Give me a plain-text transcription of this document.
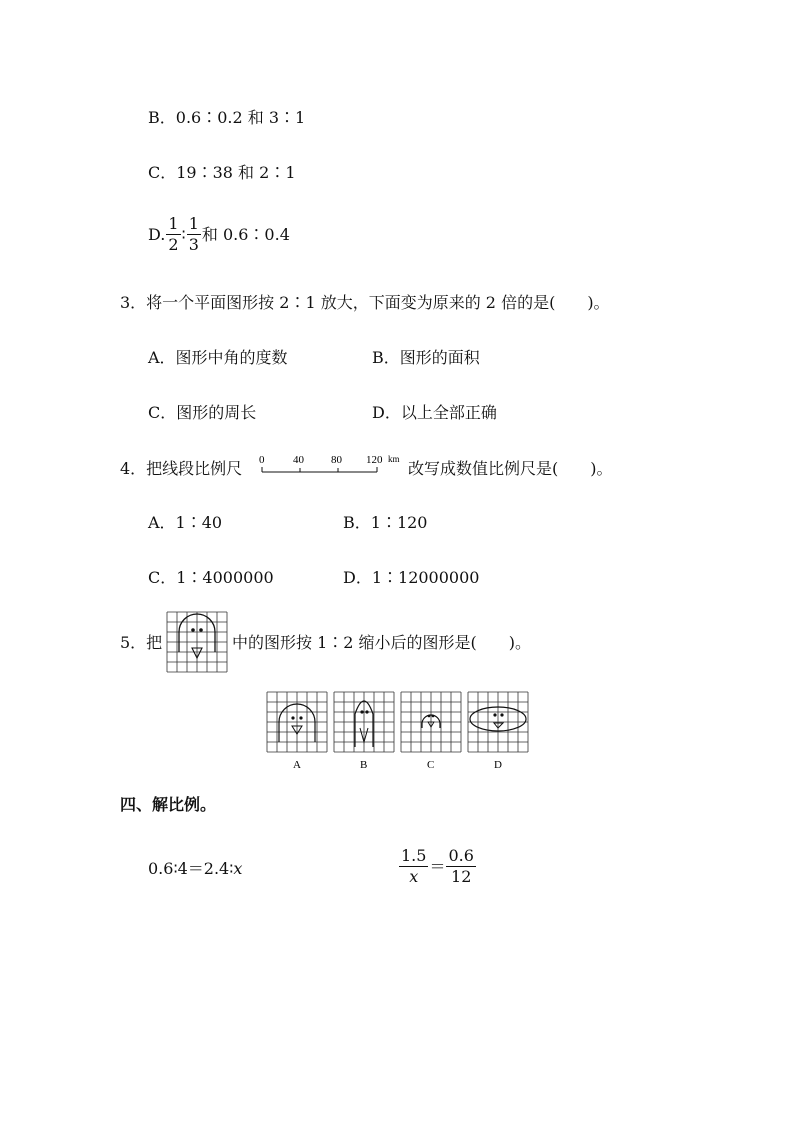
B．0.6∶0.2 和 3∶1
C．19∶38 和 2∶1
D. $\frac{1}{2}$ ∶ $\frac{1}{3}$ 和 0.6∶0.4
3．将一个平面图形按 2∶1 放大，下面变为原来的 2 倍的是( )。
A．图形中角的度数	B．图形的面积
C．图形的周长	D．以上全部正确
4．把线段比例尺 0	40 80 120 km 改写成数值比例尺是( )。
A．1∶40	B．1∶120
C．1∶4000000	D．1∶12000000
5．把	中的图形按 1∶2 缩小后的图形是( )。
A	B	C	D
四、解比例。
0.6∶4＝2.4∶x	$\frac{1.5}{x} = \frac{0.6}{12}$
